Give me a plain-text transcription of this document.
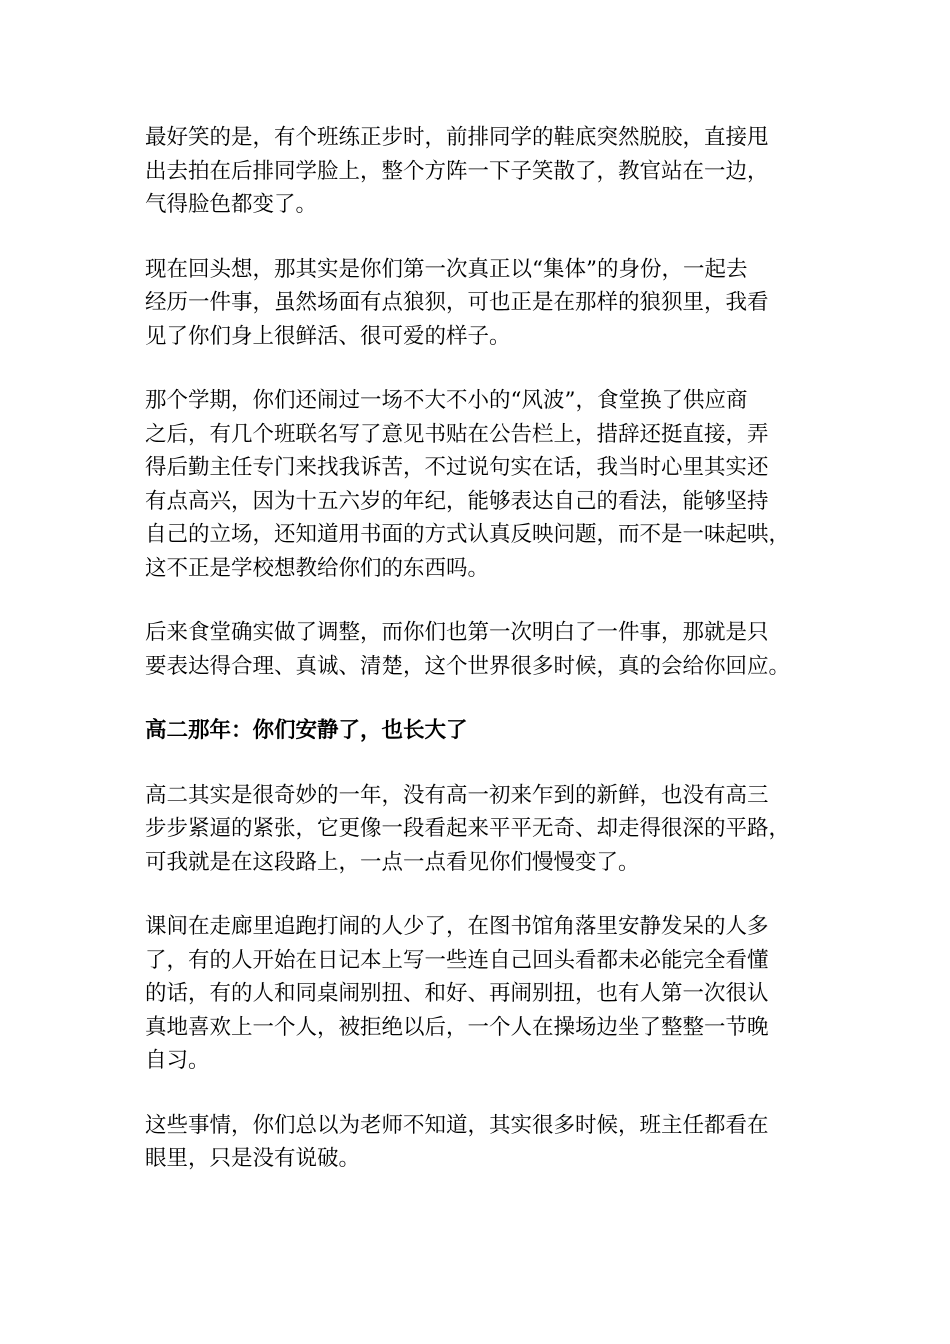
最好笑的是，有个班练正步时，前排同学的鞋底突然脱胶，直接甩
出去拍在后排同学脸上，整个方阵一下子笑散了，教官站在一边，
气得脸色都变了。

现在回头想，那其实是你们第一次真正以“集体”的身份，一起去
经历一件事，虽然场面有点狼狈，可也正是在那样的狼狈里，我看
见了你们身上很鲜活、很可爱的样子。

那个学期，你们还闹过一场不大不小的“风波”，食堂换了供应商
之后，有几个班联名写了意见书贴在公告栏上，措辞还挺直接，弄
得后勤主任专门来找我诉苦，不过说句实在话，我当时心里其实还
有点高兴，因为十五六岁的年纪，能够表达自己的看法，能够坚持
自己的立场，还知道用书面的方式认真反映问题，而不是一味起哄，
这不正是学校想教给你们的东西吗。

后来食堂确实做了调整，而你们也第一次明白了一件事，那就是只
要表达得合理、真诚、清楚，这个世界很多时候，真的会给你回应。

高二那年：你们安静了，也长大了

高二其实是很奇妙的一年，没有高一初来乍到的新鲜，也没有高三
步步紧逼的紧张，它更像一段看起来平平无奇、却走得很深的平路，
可我就是在这段路上，一点一点看见你们慢慢变了。

课间在走廊里追跑打闹的人少了，在图书馆角落里安静发呆的人多
了，有的人开始在日记本上写一些连自己回头看都未必能完全看懂
的话，有的人和同桌闹别扭、和好、再闹别扭，也有人第一次很认
真地喜欢上一个人，被拒绝以后，一个人在操场边坐了整整一节晚
自习。

这些事情，你们总以为老师不知道，其实很多时候，班主任都看在
眼里，只是没有说破。
